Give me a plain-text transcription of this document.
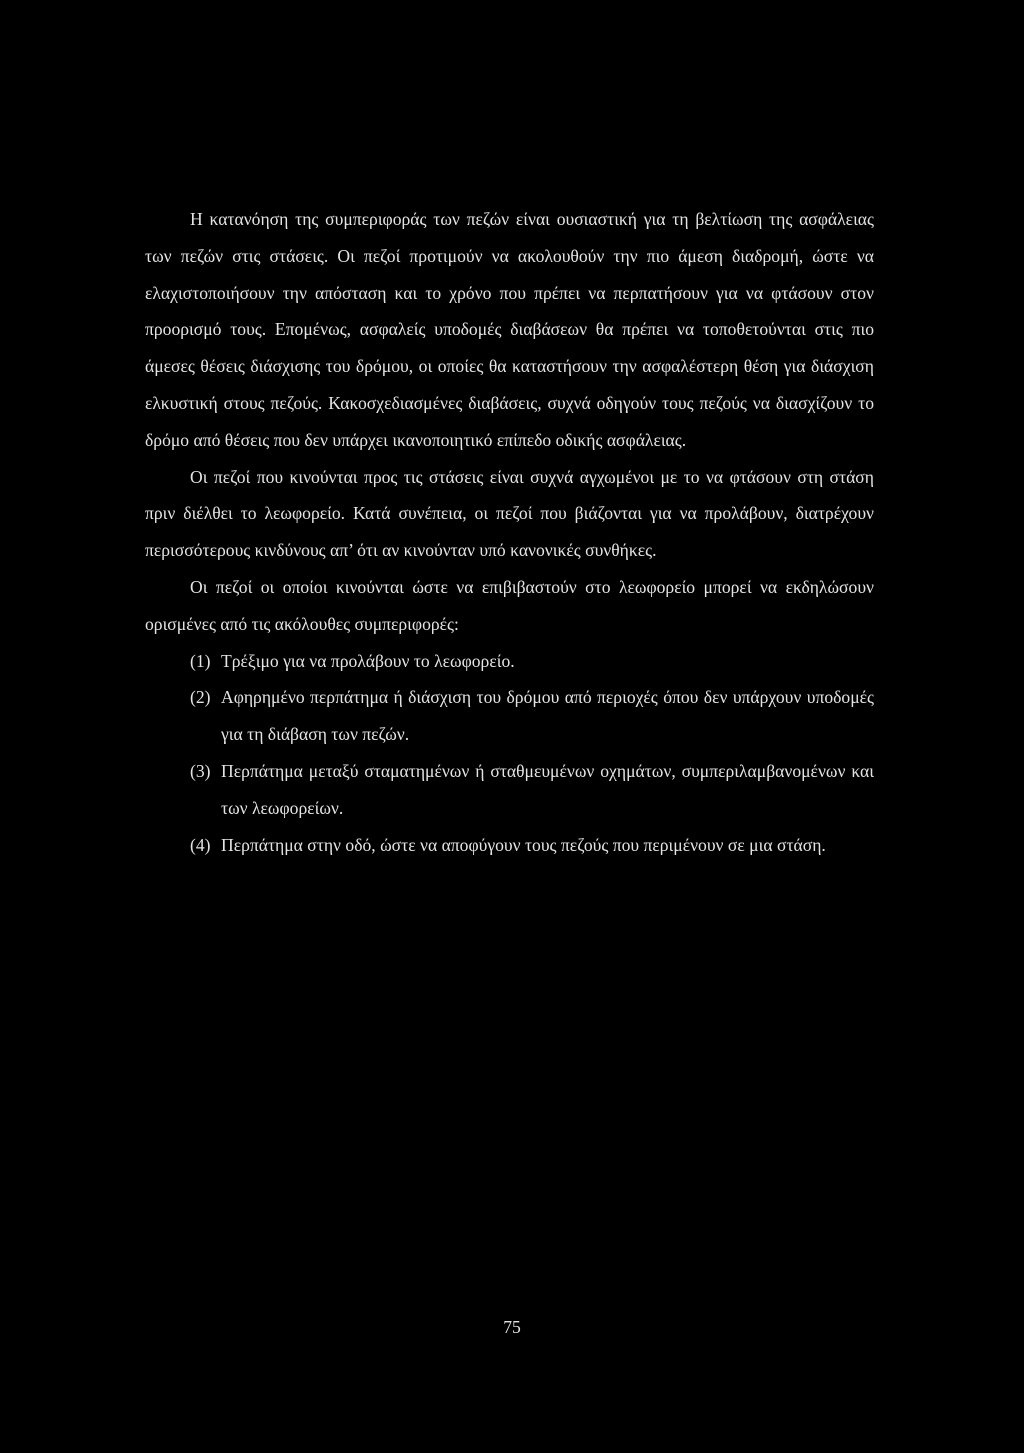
Η κατανόηση της συμπεριφοράς των πεζών είναι ουσιαστική για τη βελτίωση της ασφάλειας των πεζών στις στάσεις. Οι πεζοί προτιμούν να ακολουθούν την πιο άμεση διαδρομή, ώστε να ελαχιστοποιήσουν την απόσταση και το χρόνο που πρέπει να περπατήσουν για να φτάσουν στον προορισμό τους. Επομένως, ασφαλείς υποδομές διαβάσεων θα πρέπει να τοποθετούνται στις πιο άμεσες θέσεις διάσχισης του δρόμου, οι οποίες θα καταστήσουν την ασφαλέστερη θέση για διάσχιση ελκυστική στους πεζούς. Κακοσχεδιασμένες διαβάσεις, συχνά οδηγούν τους πεζούς να διασχίζουν το δρόμο από θέσεις που δεν υπάρχει ικανοποιητικό επίπεδο οδικής ασφάλειας.

Οι πεζοί που κινούνται προς τις στάσεις είναι συχνά αγχωμένοι με το να φτάσουν στη στάση πριν διέλθει το λεωφορείο. Κατά συνέπεια, οι πεζοί που βιάζονται για να προλάβουν, διατρέχουν περισσότερους κινδύνους απ’ ότι αν κινούνταν υπό κανονικές συνθήκες.

Οι πεζοί οι οποίοι κινούνται ώστε να επιβιβαστούν στο λεωφορείο μπορεί να εκδηλώσουν ορισμένες από τις ακόλουθες συμπεριφορές:

(1) Τρέξιμο για να προλάβουν το λεωφορείο.
(2) Αφηρημένο περπάτημα ή διάσχιση του δρόμου από περιοχές όπου δεν υπάρχουν υποδομές για τη διάβαση των πεζών.
(3) Περπάτημα μεταξύ σταματημένων ή σταθμευμένων οχημάτων, συμπεριλαμβανομένων και των λεωφορείων.
(4) Περπάτημα στην οδό, ώστε να αποφύγουν τους πεζούς που περιμένουν σε μια στάση.
75
